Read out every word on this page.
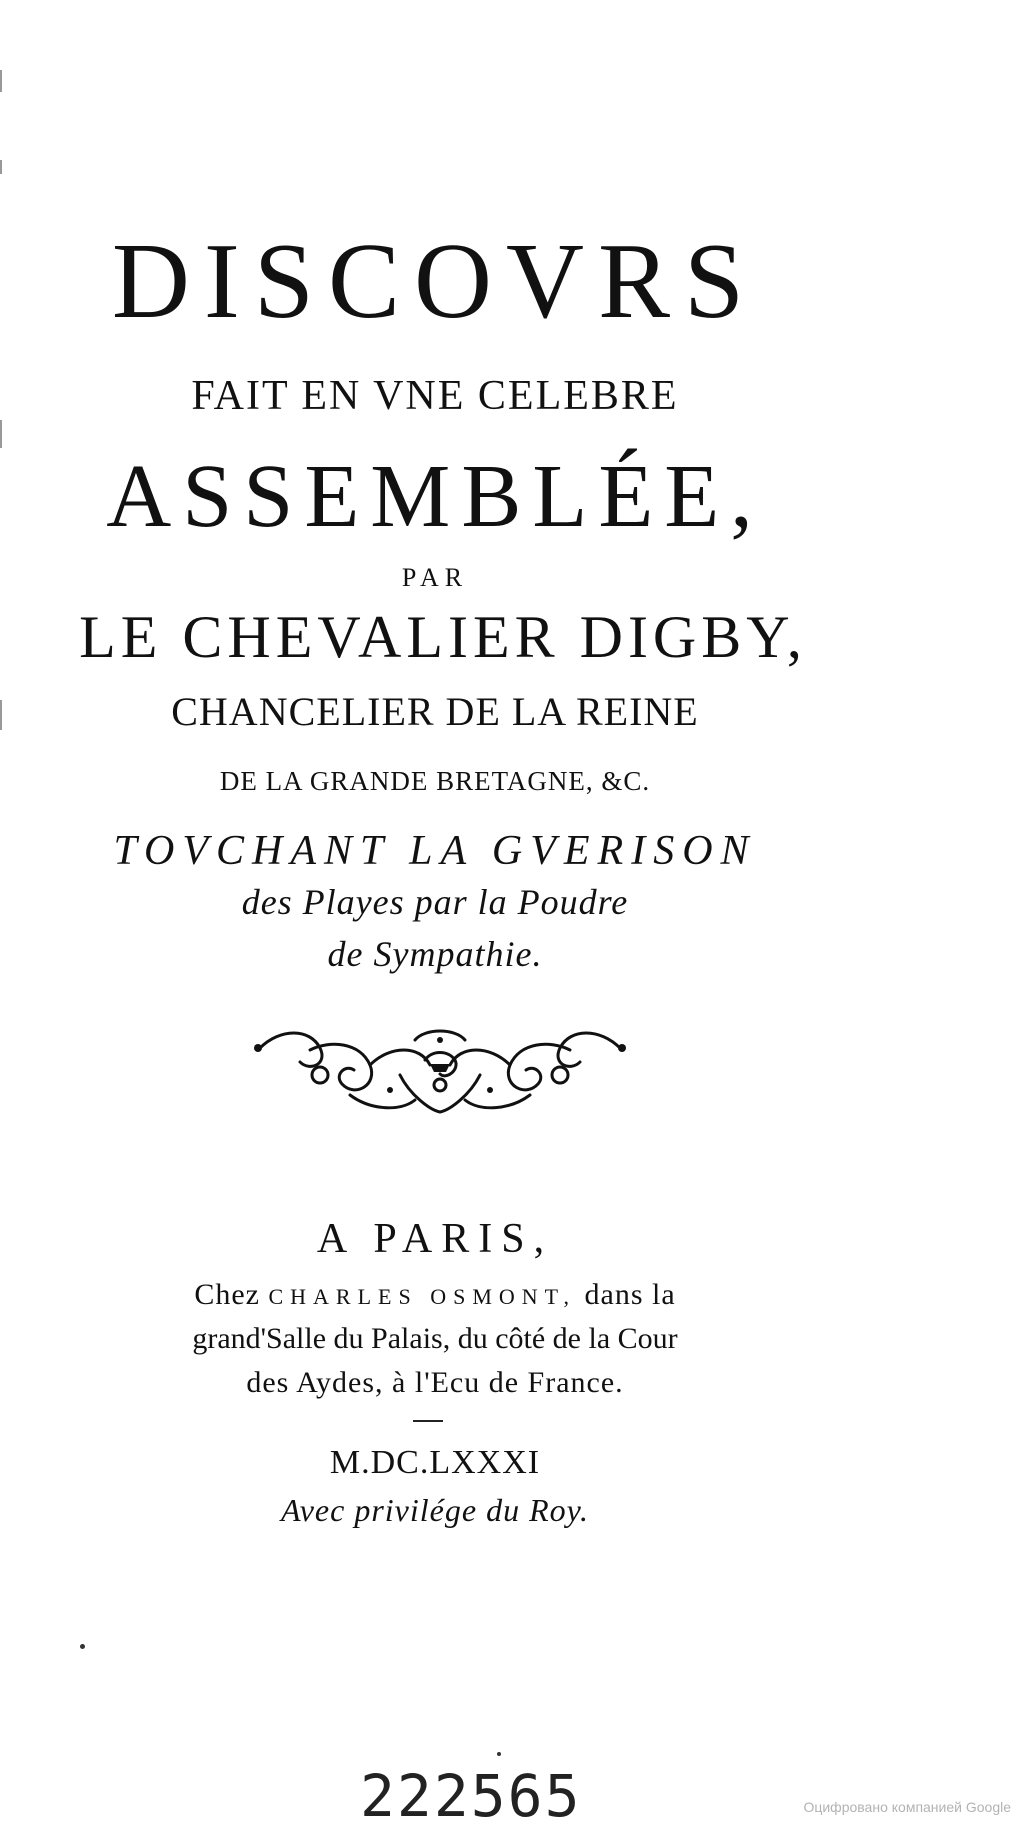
DISCOVRS
FAIT EN VNE CELEBRE
ASSEMBLÉE,
PAR
LE CHEVALIER DIGBY,
CHANCELIER DE LA REINE
DE LA GRANDE BRETAGNE, &C.
TOVCHANT LA GVERISON
des Playes par la Poudre
de Sympathie.
A PARIS,
Chez CHARLES OSMONT, dans la
grand'Salle du Palais, du côté de la Cour
des Aydes, à l'Ecu de France.
M.DC.LXXXI
Avec privilége du Roy.
222565	Оцифровано компанией Google
